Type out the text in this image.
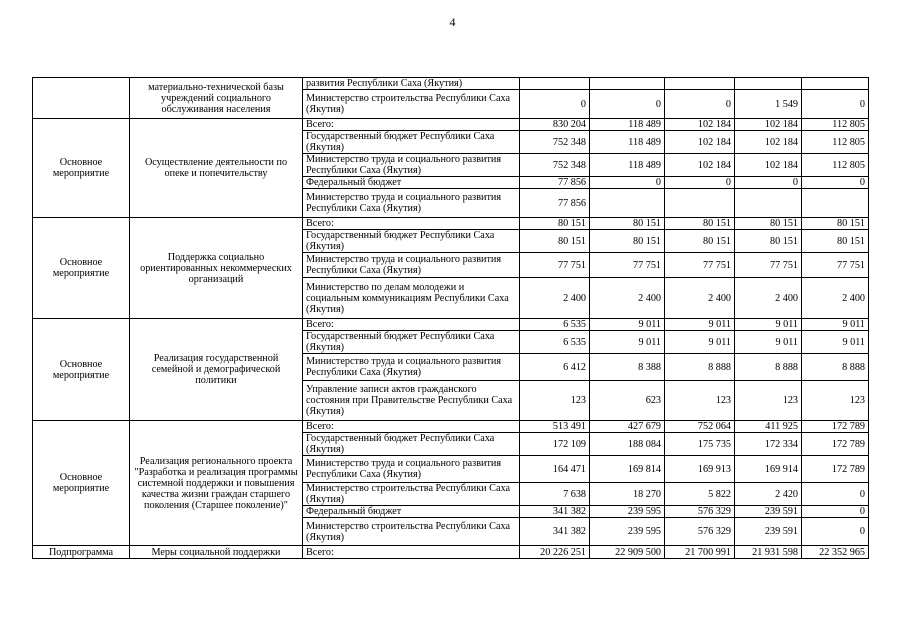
4
	материально-технической базы учреждений социального обслуживания населения	развития Республики Саха (Якутия)					
		Министерство строительства Республики Саха (Якутия)	0	0	0	1 549	0
Основное мероприятие	Осуществление деятельности по опеке и попечительству	Всего:	830 204	118 489	102 184	102 184	112 805
		Государственный бюджет Республики Саха (Якутия)	752 348	118 489	102 184	102 184	112 805
		Министерство труда и социального развития Республики Саха (Якутия)	752 348	118 489	102 184	102 184	112 805
		Федеральный бюджет	77 856	0	0	0	0
		Министерство труда и социального развития Республики Саха (Якутия)	77 856				
Основное мероприятие	Поддержка социально ориентированных некоммерческих организаций	Всего:	80 151	80 151	80 151	80 151	80 151
		Государственный бюджет Республики Саха (Якутия)	80 151	80 151	80 151	80 151	80 151
		Министерство труда и социального развития Республики Саха (Якутия)	77 751	77 751	77 751	77 751	77 751
		Министерство по делам молодежи и социальным коммуникациям Республики Саха (Якутия)	2 400	2 400	2 400	2 400	2 400
Основное мероприятие	Реализация государственной семейной и демографической политики	Всего:	6 535	9 011	9 011	9 011	9 011
		Государственный бюджет Республики Саха (Якутия)	6 535	9 011	9 011	9 011	9 011
		Министерство труда и социального развития Республики Саха (Якутия)	6 412	8 388	8 888	8 888	8 888
		Управление записи актов гражданского состояния при Правительстве Республики Саха (Якутия)	123	623	123	123	123
Основное мероприятие	Реализация регионального проекта "Разработка и реализация программы системной поддержки и повышения качества жизни граждан старшего поколения (Старшее поколение)"	Всего:	513 491	427 679	752 064	411 925	172 789
		Государственный бюджет Республики Саха (Якутия)	172 109	188 084	175 735	172 334	172 789
		Министерство труда и социального развития Республики Саха (Якутия)	164 471	169 814	169 913	169 914	172 789
		Министерство строительства Республики Саха (Якутия)	7 638	18 270	5 822	2 420	0
		Федеральный бюджет	341 382	239 595	576 329	239 591	0
		Министерство строительства Республики Саха (Якутия)	341 382	239 595	576 329	239 591	0
Подпрограмма	Меры социальной поддержки	Всего:	20 226 251	22 909 500	21 700 991	21 931 598	22 352 965
